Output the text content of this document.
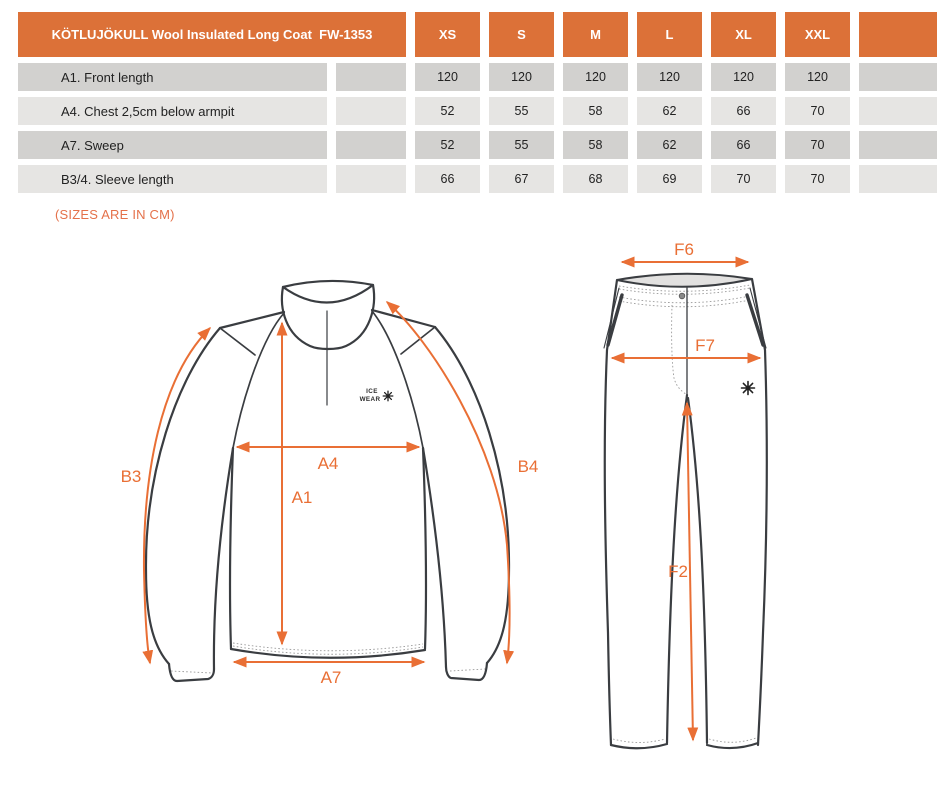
KÖTLUJÖKULL Wool Insulated Long Coat  FW-1353	XS	S	M	L	XL	XXL
A1. Front length	120	120	120	120	120	120
A4. Chest 2,5cm below armpit	52	55	58	62	66	70
A7. Sweep	52	55	58	62	66	70
B3/4. Sleeve length	66	67	68	69	70	70
(SIZES ARE IN CM)
ICE
WEAR
B3
A4
A1
B4
A7
F6
F7
F2
